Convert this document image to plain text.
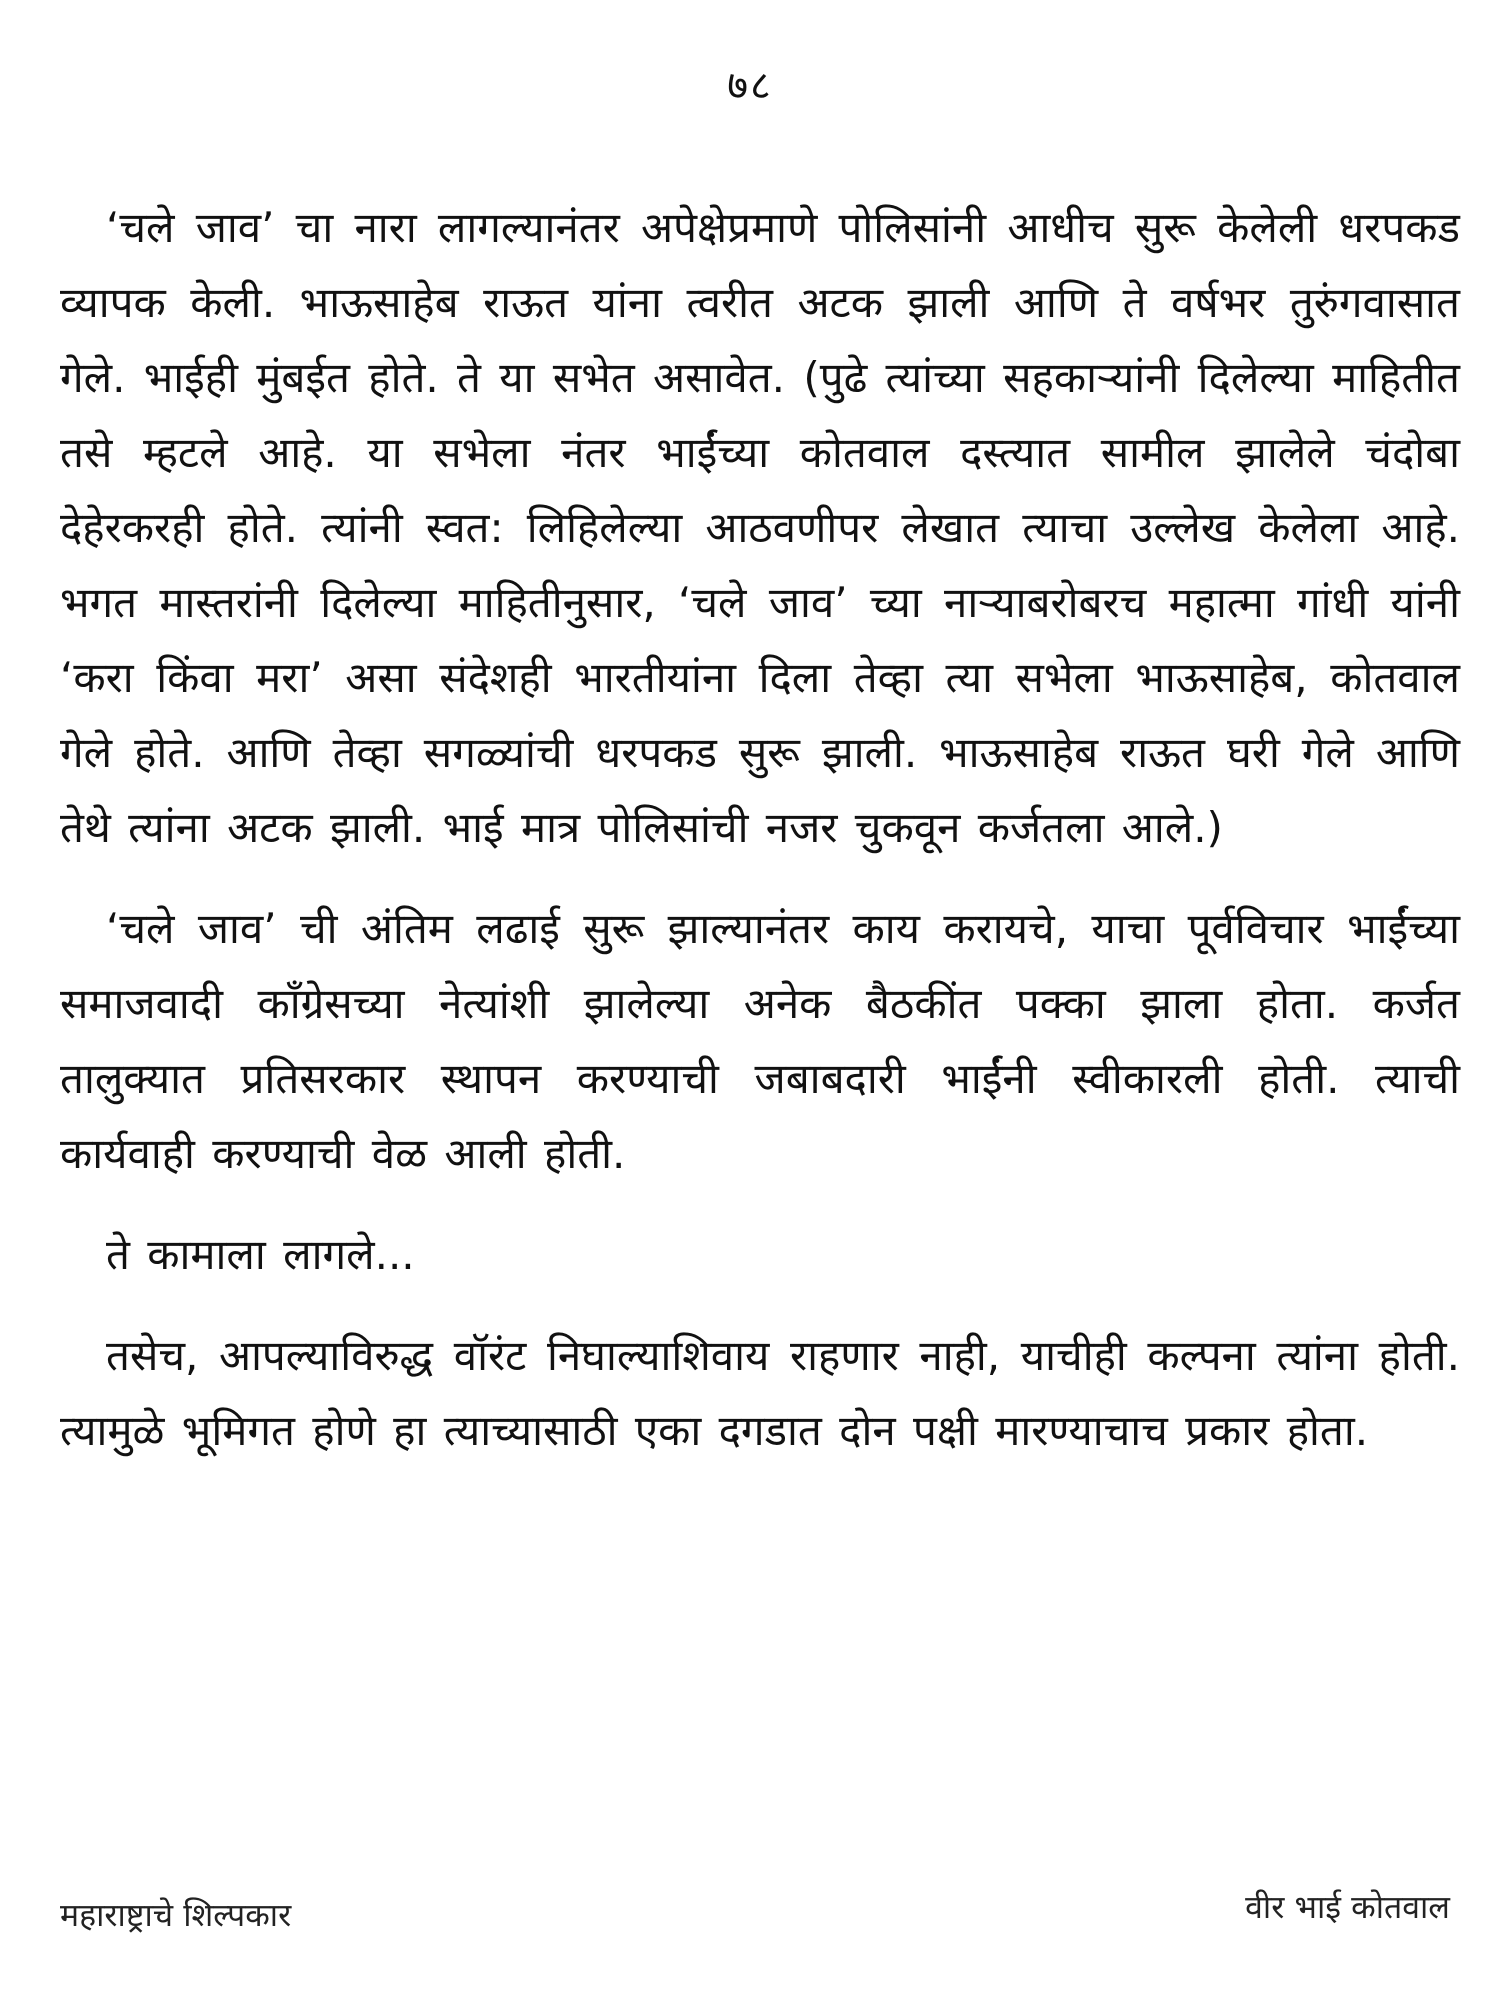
७८

‘चले जाव’ चा नारा लागल्यानंतर अपेक्षेप्रमाणे पोलिसांनी आधीच सुरू केलेली धरपकड व्यापक केली. भाऊसाहेब राऊत यांना त्वरीत अटक झाली आणि ते वर्षभर तुरुंगवासात गेले. भाईही मुंबईत होते. ते या सभेत असावेत. (पुढे त्यांच्या सहकाऱ्यांनी दिलेल्या माहितीत तसे म्हटले आहे. या सभेला नंतर भाईंच्या कोतवाल दस्त्यात सामील झालेले चंदोबा देहेरकरही होते. त्यांनी स्वत: लिहिलेल्या आठवणीपर लेखात त्याचा उल्लेख केलेला आहे. भगत मास्तरांनी दिलेल्या माहितीनुसार, ‘चले जाव’ च्या नाऱ्याबरोबरच महात्मा गांधी यांनी ‘करा किंवा मरा’ असा संदेशही भारतीयांना दिला तेव्हा त्या सभेला भाऊसाहेब, कोतवाल गेले होते. आणि तेव्हा सगळ्यांची धरपकड सुरू झाली. भाऊसाहेब राऊत घरी गेले आणि तेथे त्यांना अटक झाली. भाई मात्र पोलिसांची नजर चुकवून कर्जतला आले.)

‘चले जाव’ ची अंतिम लढाई सुरू झाल्यानंतर काय करायचे, याचा पूर्वविचार भाईंच्या समाजवादी काँग्रेसच्या नेत्यांशी झालेल्या अनेक बैठकींत पक्का झाला होता. कर्जत तालुक्यात प्रतिसरकार स्थापन करण्याची जबाबदारी भाईंनी स्वीकारली होती. त्याची कार्यवाही करण्याची वेळ आली होती.

ते कामाला लागले...

तसेच, आपल्याविरुद्ध वॉरंट निघाल्याशिवाय राहणार नाही, याचीही कल्पना त्यांना होती. त्यामुळे भूमिगत होणे हा त्याच्यासाठी एका दगडात दोन पक्षी मारण्याचाच प्रकार होता.

महाराष्ट्राचे शिल्पकार	वीर भाई कोतवाल
